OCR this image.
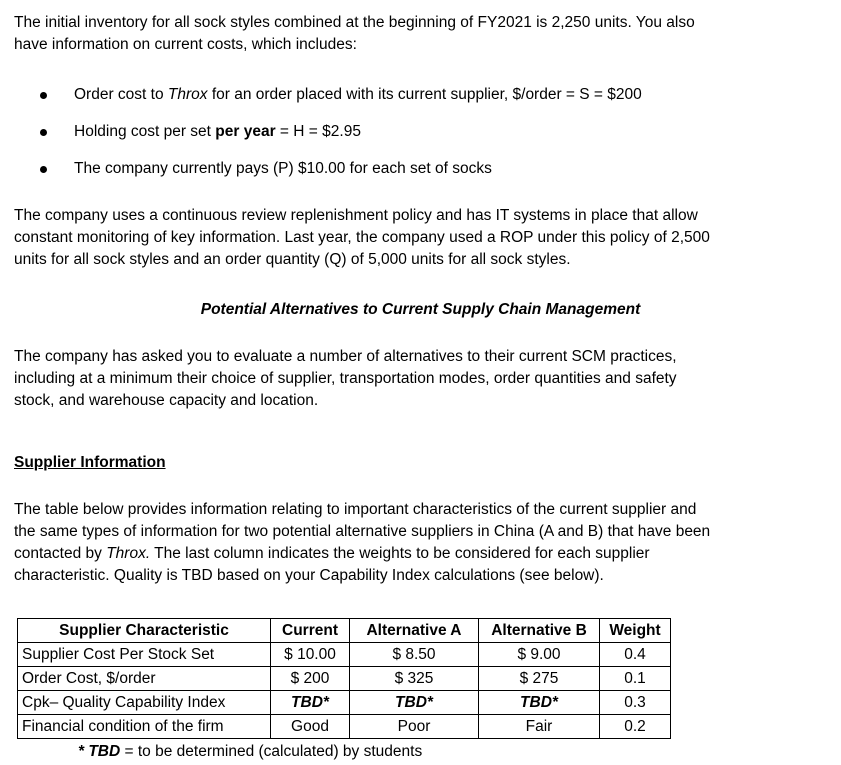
The initial inventory for all sock styles combined at the beginning of FY2021 is 2,250 units. You also
have information on current costs, which includes:

Order cost to Throx for an order placed with its current supplier, $/order = S = $200
Holding cost per set per year = H = $2.95
The company currently pays (P) $10.00 for each set of socks

The company uses a continuous review replenishment policy and has IT systems in place that allow
constant monitoring of key information. Last year, the company used a ROP under this policy of 2,500
units for all sock styles and an order quantity (Q) of 5,000 units for all sock styles.

Potential Alternatives to Current Supply Chain Management

The company has asked you to evaluate a number of alternatives to their current SCM practices,
including at a minimum their choice of supplier, transportation modes, order quantities and safety
stock, and warehouse capacity and location.

Supplier Information

The table below provides information relating to important characteristics of the current supplier and
the same types of information for two potential alternative suppliers in China (A and B) that have been
contacted by Throx. The last column indicates the weights to be considered for each supplier
characteristic. Quality is TBD based on your Capability Index calculations (see below).

Supplier Characteristic	Current	Alternative A	Alternative B	Weight
Supplier Cost Per Stock Set	$ 10.00	$ 8.50	$ 9.00	0.4
Order Cost, $/order	$ 200	$ 325	$ 275	0.1
Cpk– Quality Capability Index	TBD*	TBD*	TBD*	0.3
Financial condition of the firm	Good	Poor	Fair	0.2
* TBD = to be determined (calculated) by students
